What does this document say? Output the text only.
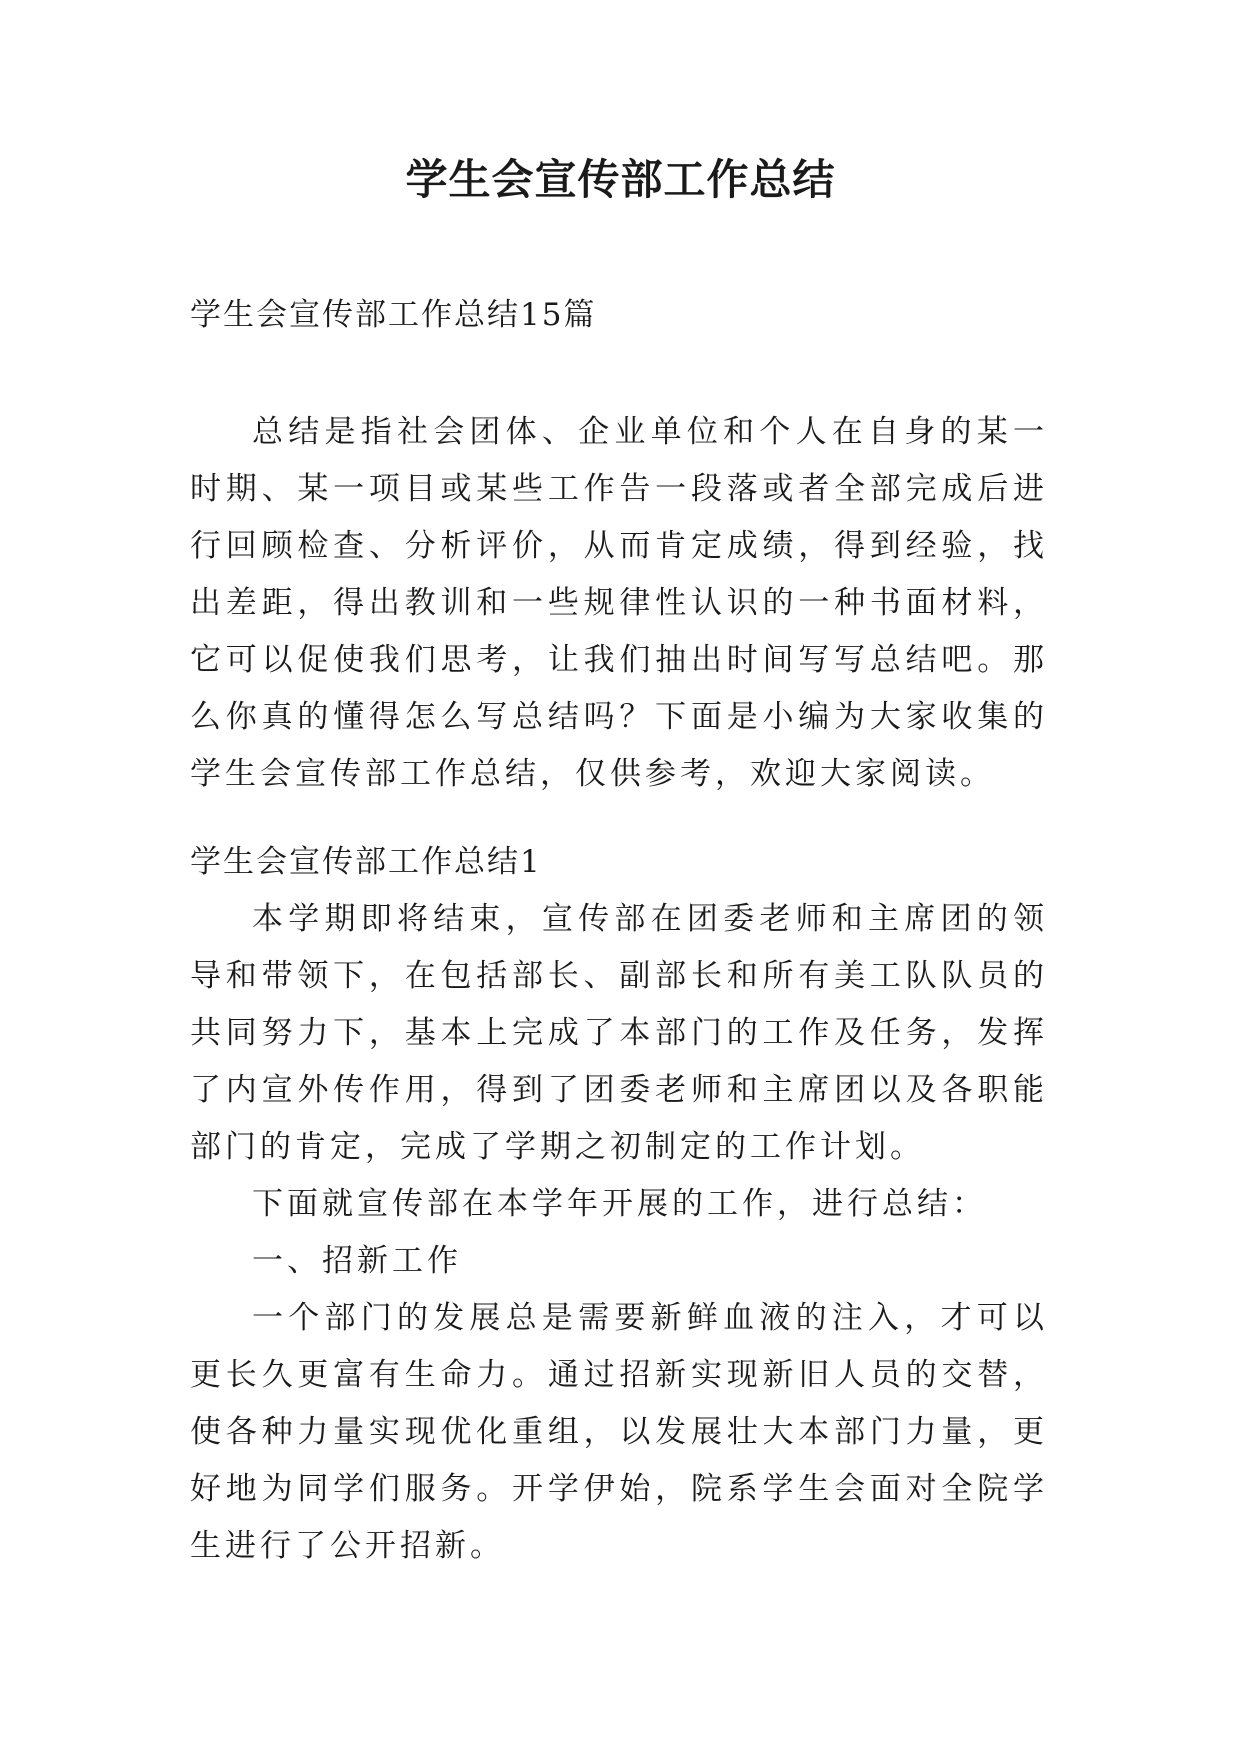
学生会宣传部工作总结
学生会宣传部工作总结15篇

总结是指社会团体、企业单位和个人在自身的某一时期、某一项目或某些工作告一段落或者全部完成后进行回顾检查、分析评价，从而肯定成绩，得到经验，找出差距，得出教训和一些规律性认识的一种书面材料，它可以促使我们思考，让我们抽出时间写写总结吧。那么你真的懂得怎么写总结吗？下面是小编为大家收集的学生会宣传部工作总结，仅供参考，欢迎大家阅读。

学生会宣传部工作总结1

本学期即将结束，宣传部在团委老师和主席团的领导和带领下，在包括部长、副部长和所有美工队队员的共同努力下，基本上完成了本部门的工作及任务，发挥了内宣外传作用，得到了团委老师和主席团以及各职能部门的肯定，完成了学期之初制定的工作计划。

下面就宣传部在本学年开展的工作，进行总结：

一、招新工作

一个部门的发展总是需要新鲜血液的注入，才可以更长久更富有生命力。通过招新实现新旧人员的交替，使各种力量实现优化重组，以发展壮大本部门力量，更好地为同学们服务。开学伊始，院系学生会面对全院学生进行了公开招新。
